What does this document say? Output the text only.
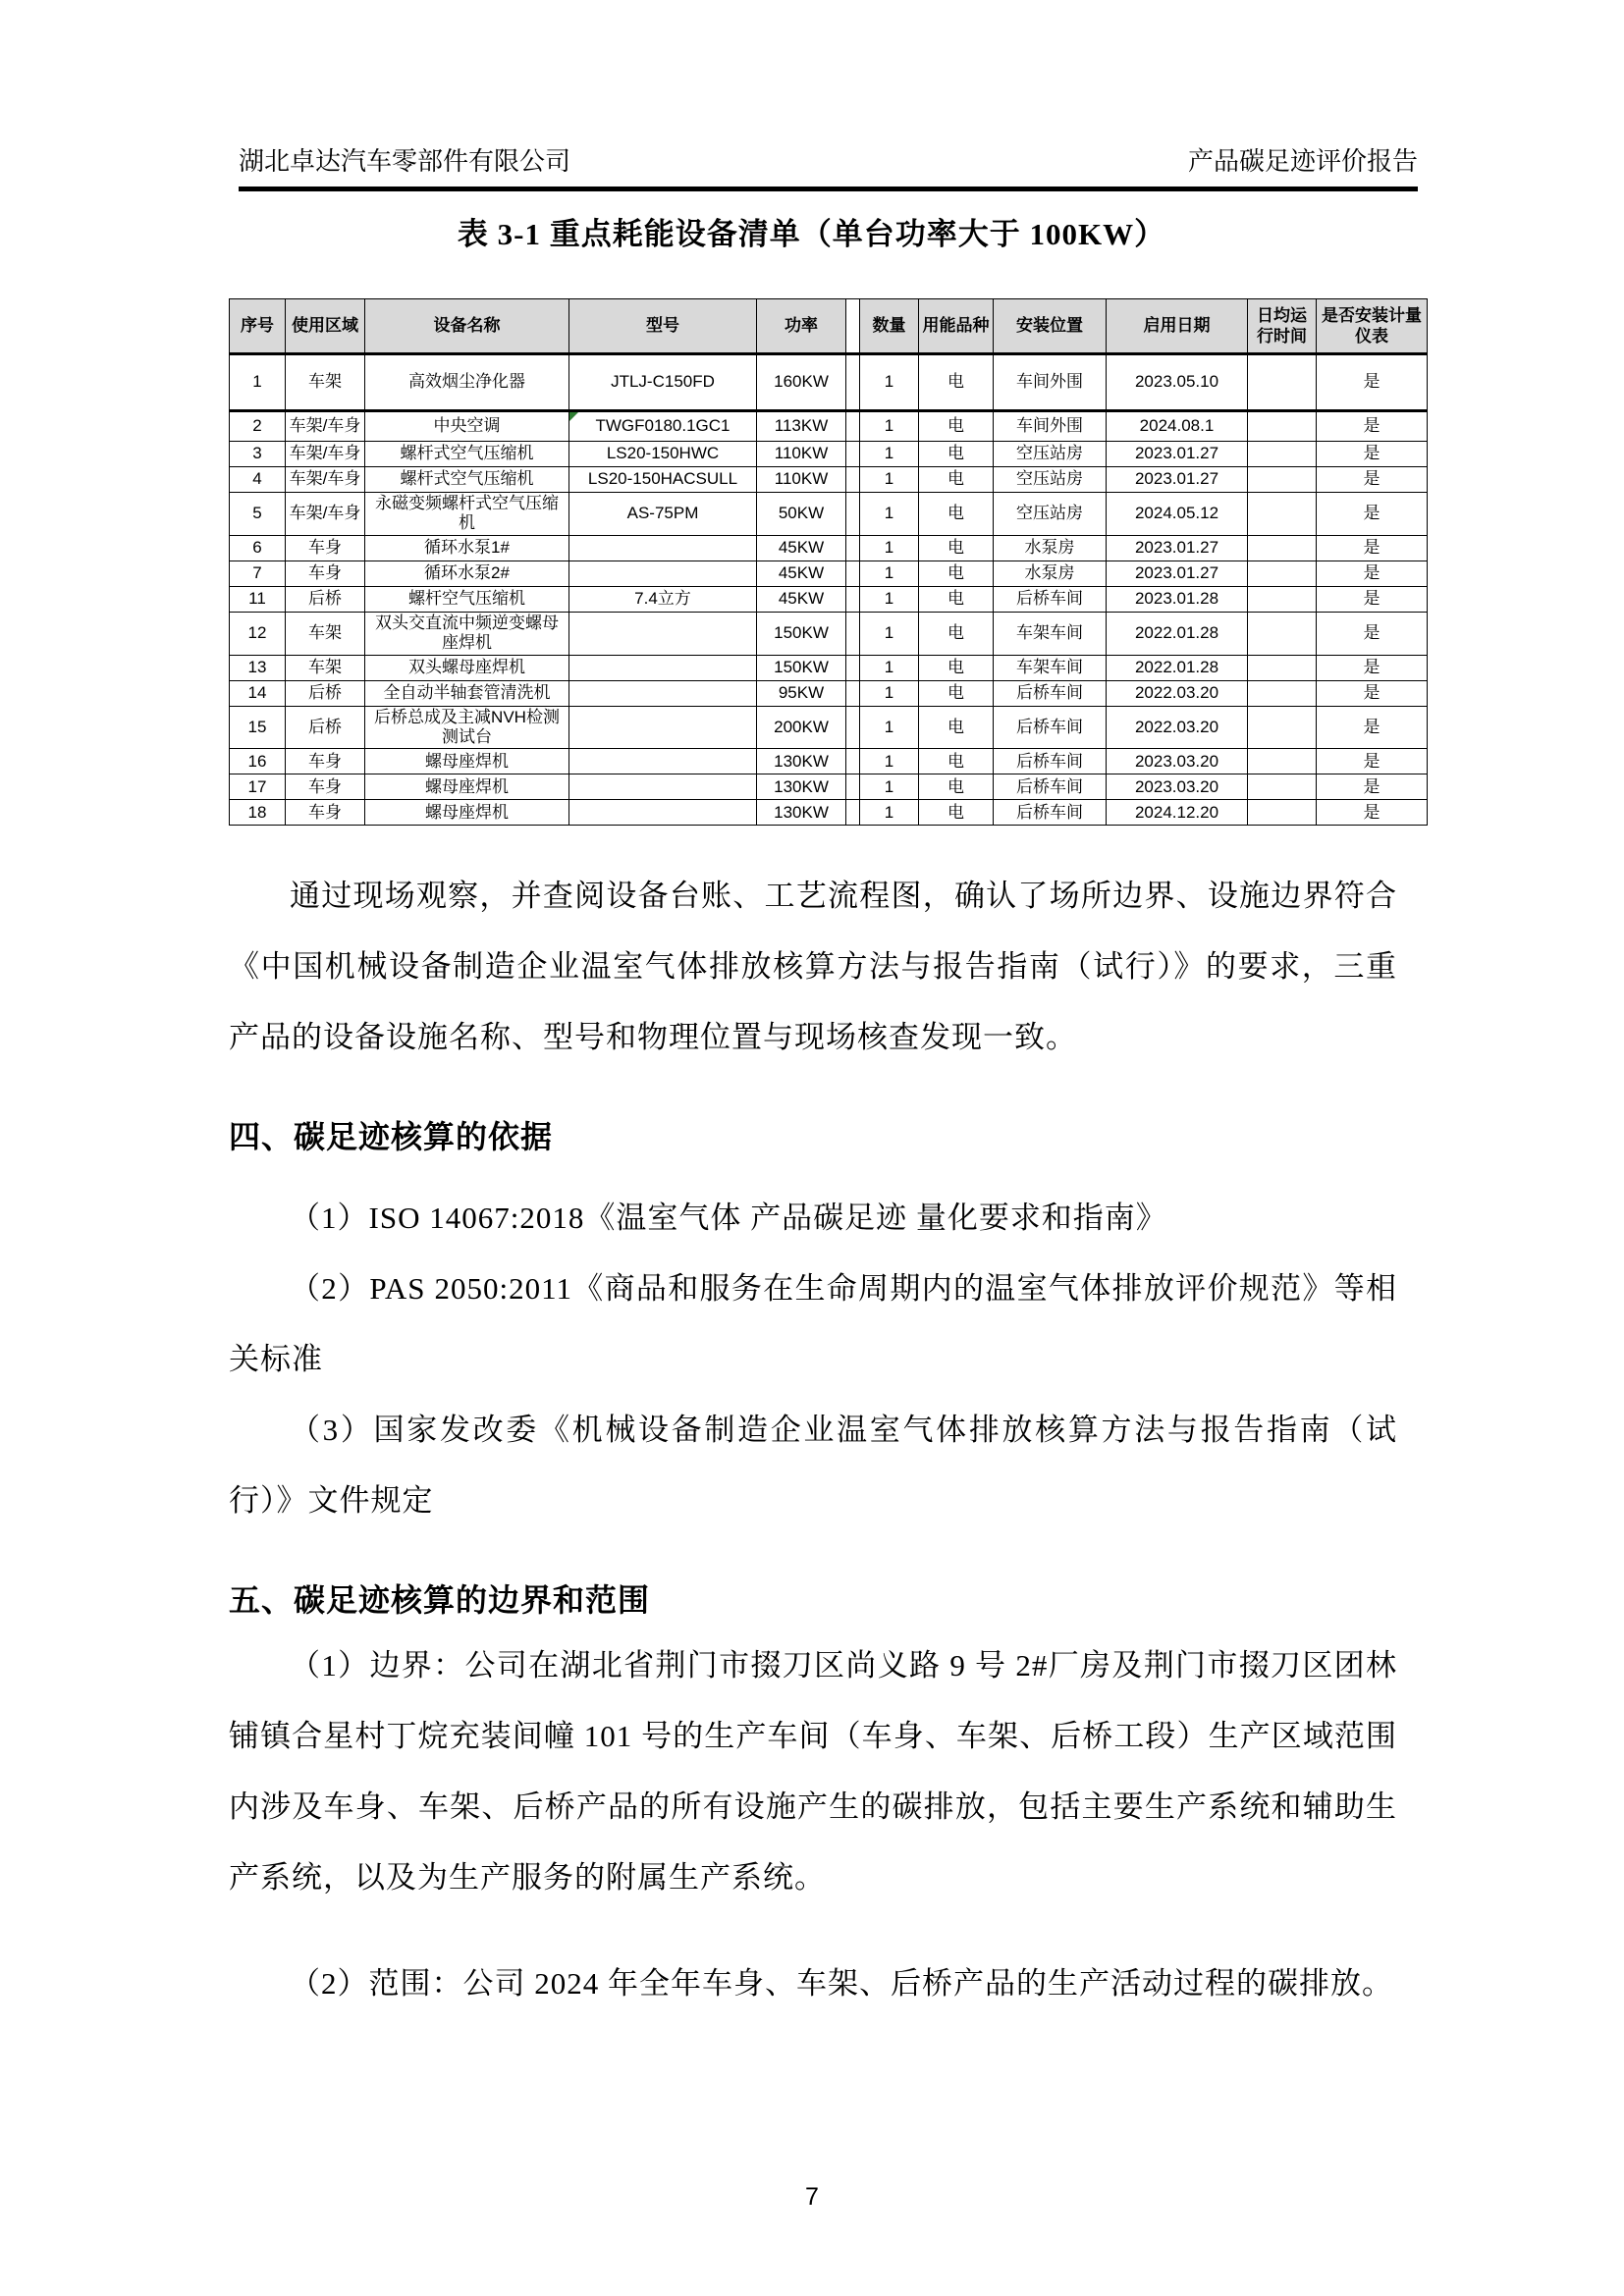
湖北卓达汽车零部件有限公司	产品碳足迹评价报告
表 3-1 重点耗能设备清单（单台功率大于 100KW）
序号	使用区域	设备名称	型号	功率		数量	用能品种	安装位置	启用日期	日均运行时间	是否安装计量仪表
1	车架	高效烟尘净化器	JTLJ-C150FD	160KW		1	电	车间外围	2023.05.10		是
2	车架/车身	中央空调	TWGF0180.1GC1	113KW		1	电	车间外围	2024.08.1		是
3	车架/车身	螺杆式空气压缩机	LS20-150HWC	110KW		1	电	空压站房	2023.01.27		是
4	车架/车身	螺杆式空气压缩机	LS20-150HACSULL	110KW		1	电	空压站房	2023.01.27		是
5	车架/车身	永磁变频螺杆式空气压缩机	AS-75PM	50KW		1	电	空压站房	2024.05.12		是
6	车身	循环水泵1#		45KW		1	电	水泵房	2023.01.27		是
7	车身	循环水泵2#		45KW		1	电	水泵房	2023.01.27		是
11	后桥	螺杆空气压缩机	7.4立方	45KW		1	电	后桥车间	2023.01.28		是
12	车架	双头交直流中频逆变螺母座焊机		150KW		1	电	车架车间	2022.01.28		是
13	车架	双头螺母座焊机		150KW		1	电	车架车间	2022.01.28		是
14	后桥	全自动半轴套管清洗机		95KW		1	电	后桥车间	2022.03.20		是
15	后桥	后桥总成及主减NVH检测测试台		200KW		1	电	后桥车间	2022.03.20		是
16	车身	螺母座焊机		130KW		1	电	后桥车间	2023.03.20		是
17	车身	螺母座焊机		130KW		1	电	后桥车间	2023.03.20		是
18	车身	螺母座焊机		130KW		1	电	后桥车间	2024.12.20		是

通过现场观察，并查阅设备台账、工艺流程图，确认了场所边界、设施边界符合《中国机械设备制造企业温室气体排放核算方法与报告指南（试行）》的要求，三重产品的设备设施名称、型号和物理位置与现场核查发现一致。

四、碳足迹核算的依据

（1）ISO 14067:2018《温室气体 产品碳足迹 量化要求和指南》

（2）PAS 2050:2011《商品和服务在生命周期内的温室气体排放评价规范》等相关标准

（3）国家发改委《机械设备制造企业温室气体排放核算方法与报告指南（试行）》文件规定

五、碳足迹核算的边界和范围

（1）边界：公司在湖北省荆门市掇刀区尚义路 9 号 2#厂房及荆门市掇刀区团林铺镇合星村丁烷充装间幢 101 号的生产车间（车身、车架、后桥工段）生产区域范围内涉及车身、车架、后桥产品的所有设施产生的碳排放，包括主要生产系统和辅助生产系统，以及为生产服务的附属生产系统。

（2）范围：公司 2024 年全年车身、车架、后桥产品的生产活动过程的碳排放。

7
